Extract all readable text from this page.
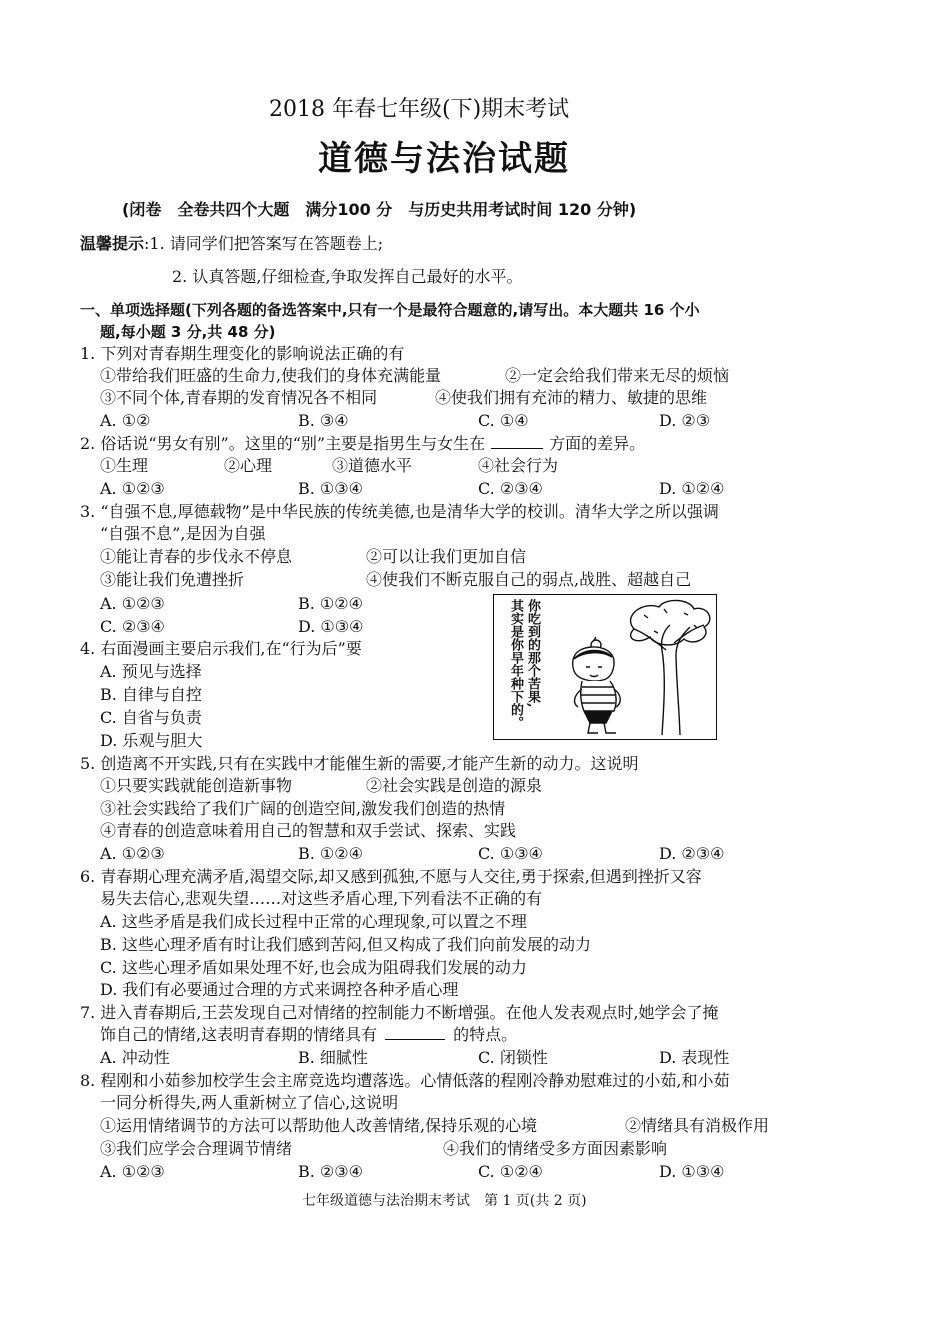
2018 年春七年级(下)期末考试
道德与法治试题
(闭卷　全卷共四个大题　满分100 分　与历史共用考试时间 120 分钟)
温馨提示:1. 请同学们把答案写在答题卷上;
2. 认真答题,仔细检查,争取发挥自己最好的水平。
一、单项选择题(下列各题的备选答案中,只有一个是最符合题意的,请写出。本大题共 16 个小
题,每小题 3 分,共 48 分)
1. 下列对青春期生理变化的影响说法正确的有
①带给我们旺盛的生命力,使我们的身体充满能量	②一定会给我们带来无尽的烦恼
③不同个体,青春期的发育情况各不相同	④使我们拥有充沛的精力、敏捷的思维
A. ①②	B. ③④	C. ①④	D. ②③
2. 俗话说“男女有别”。这里的“别”主要是指男生与女生在	方面的差异。
①生理	②心理	③道德水平	④社会行为
A. ①②③	B. ①③④	C. ②③④	D. ①②④
3. “自强不息,厚德载物”是中华民族的传统美德,也是清华大学的校训。清华大学之所以强调
“自强不息”,是因为自强
①能让青春的步伐永不停息	②可以让我们更加自信
③能让我们免遭挫折	④使我们不断克服自己的弱点,战胜、超越自己
A. ①②③	B. ①②④
C. ②③④	D. ①③④
4. 右面漫画主要启示我们,在“行为后”要
A. 预见与选择
B. 自律与自控
C. 自省与负责
D. 乐观与胆大
你吃到的那个苦果,
其实是你早年种下的。
5. 创造离不开实践,只有在实践中才能催生新的需要,才能产生新的动力。这说明
①只要实践就能创造新事物	②社会实践是创造的源泉
③社会实践给了我们广阔的创造空间,激发我们创造的热情
④青春的创造意味着用自己的智慧和双手尝试、探索、实践
A. ①②③	B. ①②④	C. ①③④	D. ②③④
6. 青春期心理充满矛盾,渴望交际,却又感到孤独,不愿与人交往,勇于探索,但遇到挫折又容
易失去信心,悲观失望……对这些矛盾心理,下列看法不正确的有
A. 这些矛盾是我们成长过程中正常的心理现象,可以置之不理
B. 这些心理矛盾有时让我们感到苦闷,但又构成了我们向前发展的动力
C. 这些心理矛盾如果处理不好,也会成为阻碍我们发展的动力
D. 我们有必要通过合理的方式来调控各种矛盾心理
7. 进入青春期后,王芸发现自己对情绪的控制能力不断增强。在他人发表观点时,她学会了掩
饰自己的情绪,这表明青春期的情绪具有	的特点。
A. 冲动性	B. 细腻性	C. 闭锁性	D. 表现性
8. 程刚和小茹参加校学生会主席竞选均遭落选。心情低落的程刚冷静劝慰难过的小茹,和小茹
一同分析得失,两人重新树立了信心,这说明
①运用情绪调节的方法可以帮助他人改善情绪,保持乐观的心境	②情绪具有消极作用
③我们应学会合理调节情绪	④我们的情绪受多方面因素影响
A. ①②③	B. ②③④	C. ①②④	D. ①③④
七年级道德与法治期末考试　第 1 页(共 2 页)
